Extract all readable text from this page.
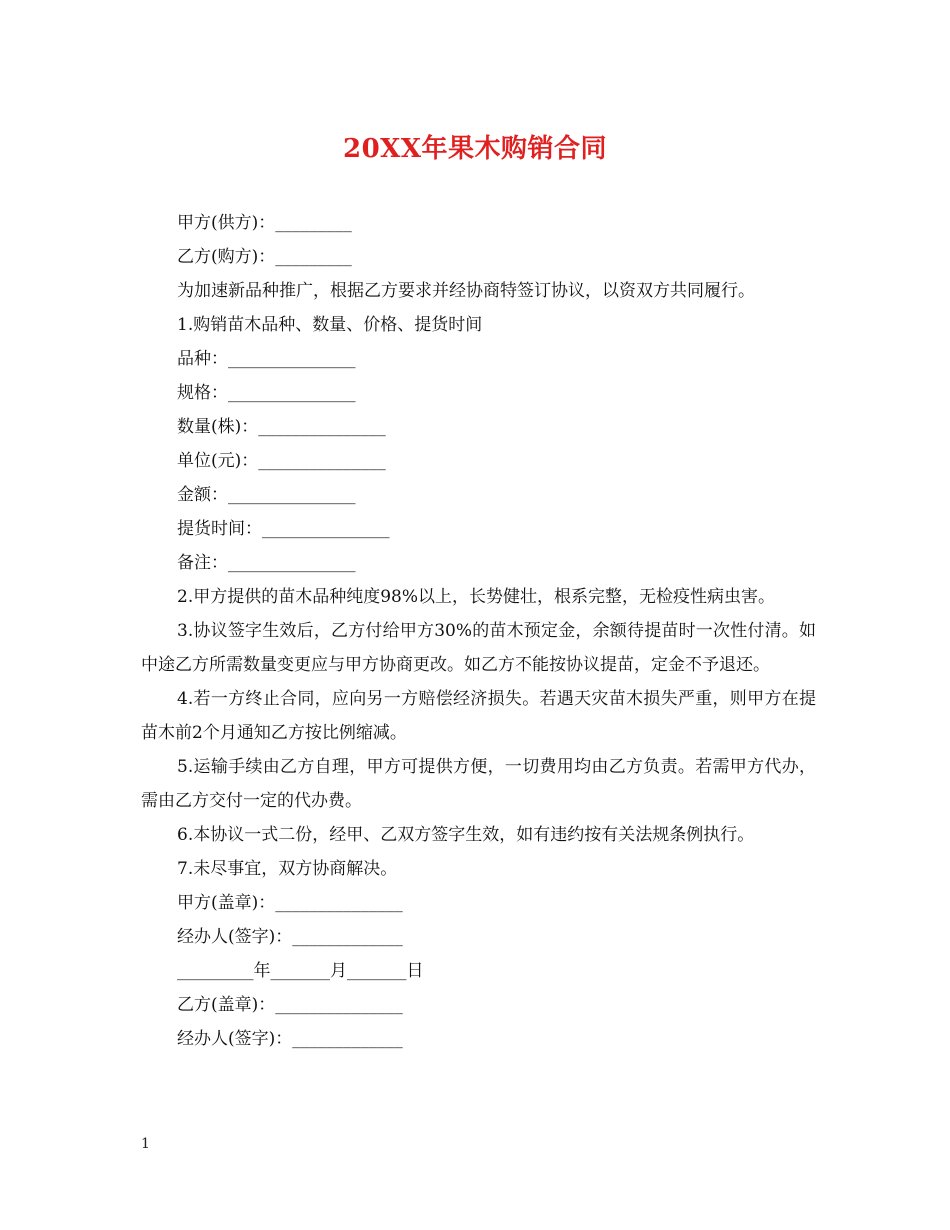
20XX年果木购销合同
甲方(供方)：_________
乙方(购方)：_________
为加速新品种推广，根据乙方要求并经协商特签订协议，以资双方共同履行。
1.购销苗木品种、数量、价格、提货时间
品种：_______________
规格：_______________
数量(株)：_______________
单位(元)：_______________
金额：_______________
提货时间：_______________
备注：_______________
2.甲方提供的苗木品种纯度98%以上，长势健壮，根系完整，无检疫性病虫害。
3.协议签字生效后，乙方付给甲方30%的苗木预定金，余额待提苗时一次性付清。如中途乙方所需数量变更应与甲方协商更改。如乙方不能按协议提苗，定金不予退还。
4.若一方终止合同，应向另一方赔偿经济损失。若遇天灾苗木损失严重，则甲方在提苗木前2个月通知乙方按比例缩减。
5.运输手续由乙方自理，甲方可提供方便，一切费用均由乙方负责。若需甲方代办，需由乙方交付一定的代办费。
6.本协议一式二份，经甲、乙双方签字生效，如有违约按有关法规条例执行。
7.未尽事宜，双方协商解决。
甲方(盖章)：_______________
经办人(签字)：_____________
_________年_______月_______日
乙方(盖章)：_______________
经办人(签字)：_____________
1
